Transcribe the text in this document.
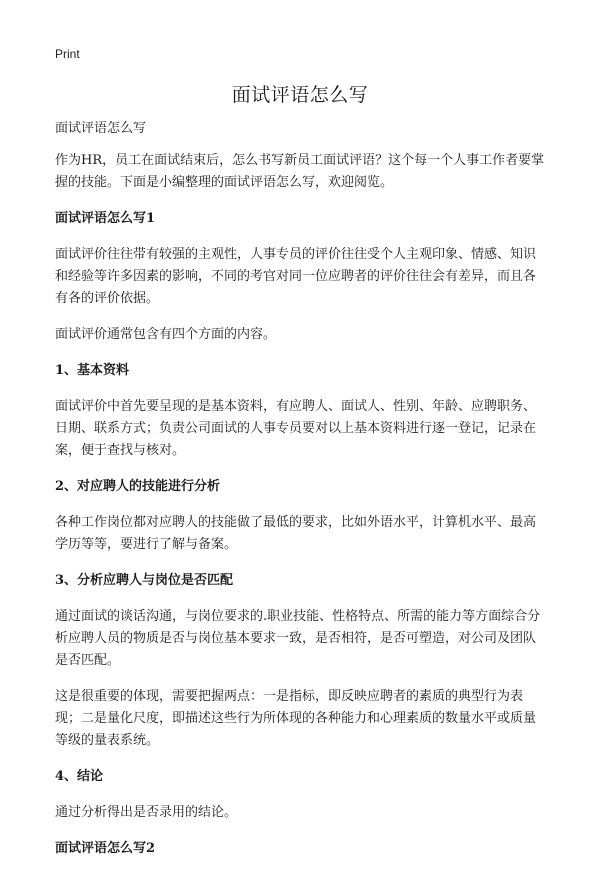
Print
面试评语怎么写

面试评语怎么写

作为HR，员工在面试结束后，怎么书写新员工面试评语？这个每一个人事工作者要掌握的技能。下面是小编整理的面试评语怎么写，欢迎阅览。

面试评语怎么写1

面试评价往往带有较强的主观性，人事专员的评价往往受个人主观印象、情感、知识和经验等许多因素的影响，不同的考官对同一位应聘者的评价往往会有差异，而且各有各的评价依据。

面试评价通常包含有四个方面的内容。

1、基本资料

面试评价中首先要呈现的是基本资料，有应聘人、面试人、性别、年龄、应聘职务、日期、联系方式；负责公司面试的人事专员要对以上基本资料进行逐一登记，记录在案，便于查找与核对。

2、对应聘人的技能进行分析

各种工作岗位都对应聘人的技能做了最低的要求，比如外语水平，计算机水平、最高学历等等，要进行了解与备案。

3、分析应聘人与岗位是否匹配

通过面试的谈话沟通，与岗位要求的.职业技能、性格特点、所需的能力等方面综合分析应聘人员的物质是否与岗位基本要求一致，是否相符，是否可塑造，对公司及团队是否匹配。

这是很重要的体现，需要把握两点：一是指标，即反映应聘者的素质的典型行为表现；二是量化尺度，即描述这些行为所体现的各种能力和心理素质的数量水平或质量等级的量表系统。

4、结论

通过分析得出是否录用的结论。

面试评语怎么写2
